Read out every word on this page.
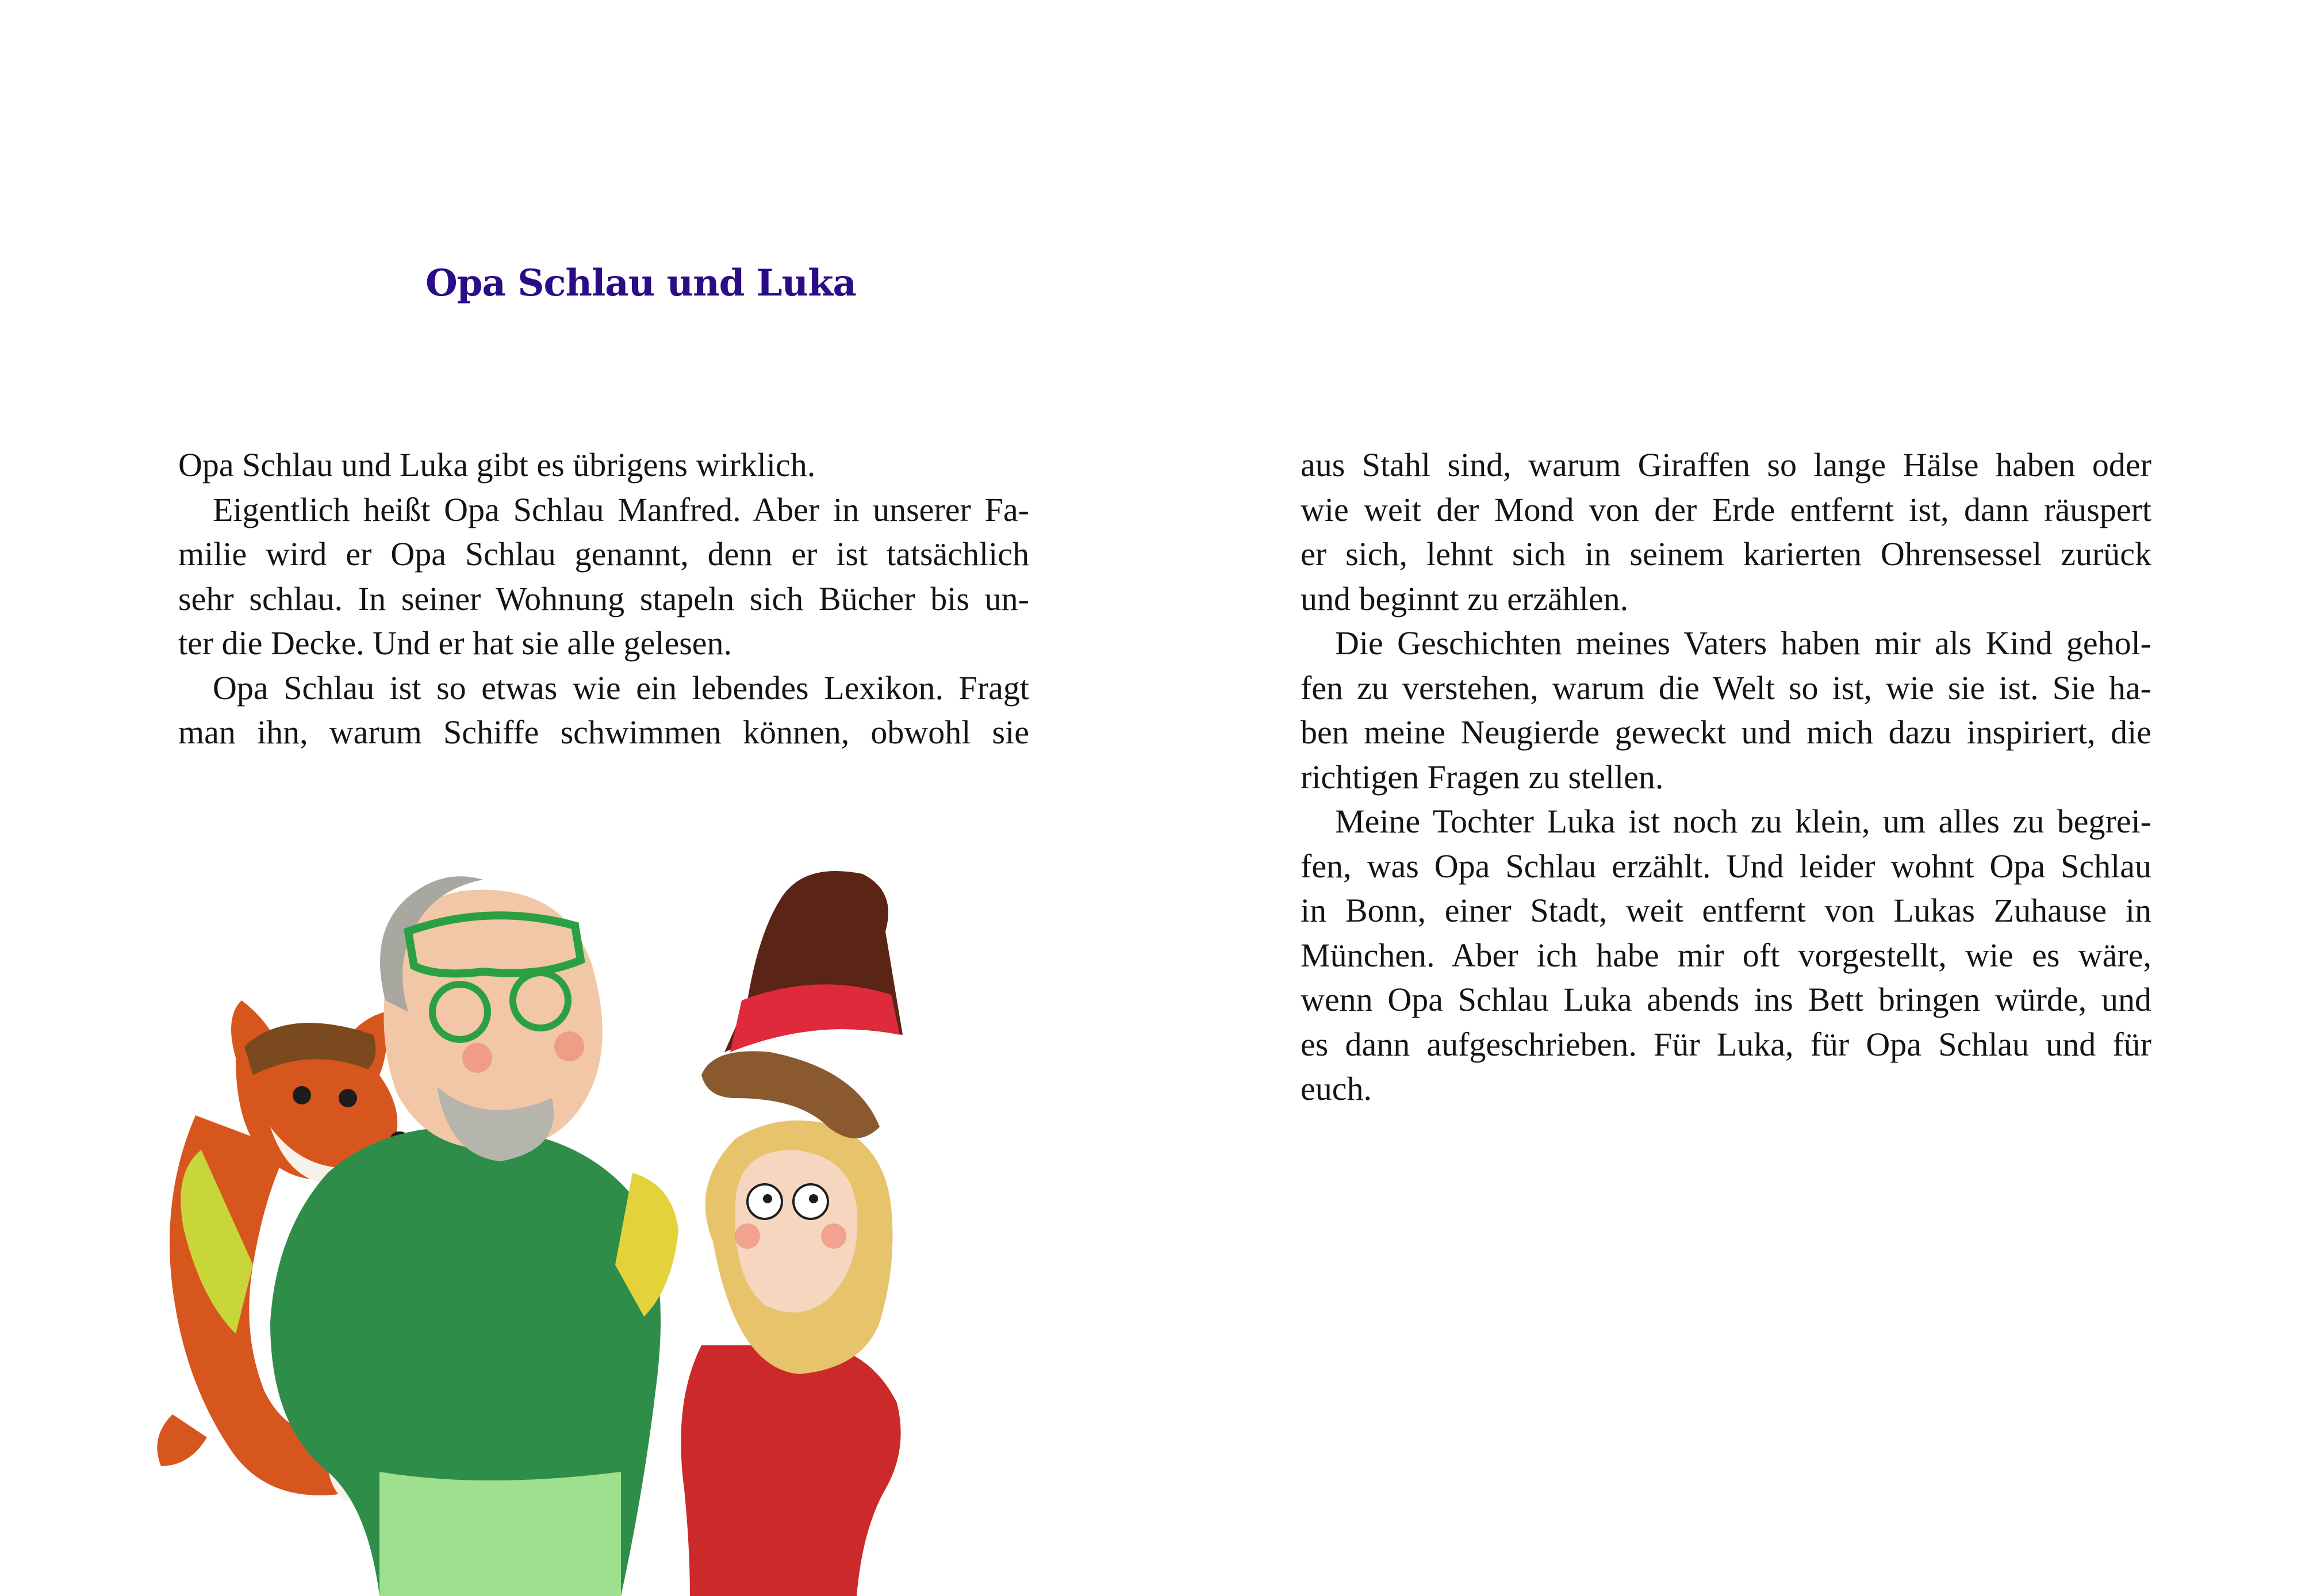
Opa Schlau und Luka
Opa Schlau und Luka gibt es übrigens wirklich.
Eigentlich heißt Opa Schlau Manfred. Aber in unserer Fa-
milie wird er Opa Schlau genannt, denn er ist tatsächlich
sehr schlau. In seiner Wohnung stapeln sich Bücher bis un-
ter die Decke. Und er hat sie alle gelesen.
Opa Schlau ist so etwas wie ein lebendes Lexikon. Fragt
man ihn, warum Schiffe schwimmen können, obwohl sie
aus Stahl sind, warum Giraffen so lange Hälse haben oder
wie weit der Mond von der Erde entfernt ist, dann räuspert
er sich, lehnt sich in seinem karierten Ohrensessel zurück
und beginnt zu erzählen.
Die Geschichten meines Vaters haben mir als Kind gehol-
fen zu verstehen, warum die Welt so ist, wie sie ist. Sie ha-
ben meine Neugierde geweckt und mich dazu inspiriert, die
richtigen Fragen zu stellen.
Meine Tochter Luka ist noch zu klein, um alles zu begrei-
fen, was Opa Schlau erzählt. Und leider wohnt Opa Schlau
in Bonn, einer Stadt, weit entfernt von Lukas Zuhause in
München. Aber ich habe mir oft vorgestellt, wie es wäre,
wenn Opa Schlau Luka abends ins Bett bringen würde, und
es dann aufgeschrieben. Für Luka, für Opa Schlau und für
euch.
